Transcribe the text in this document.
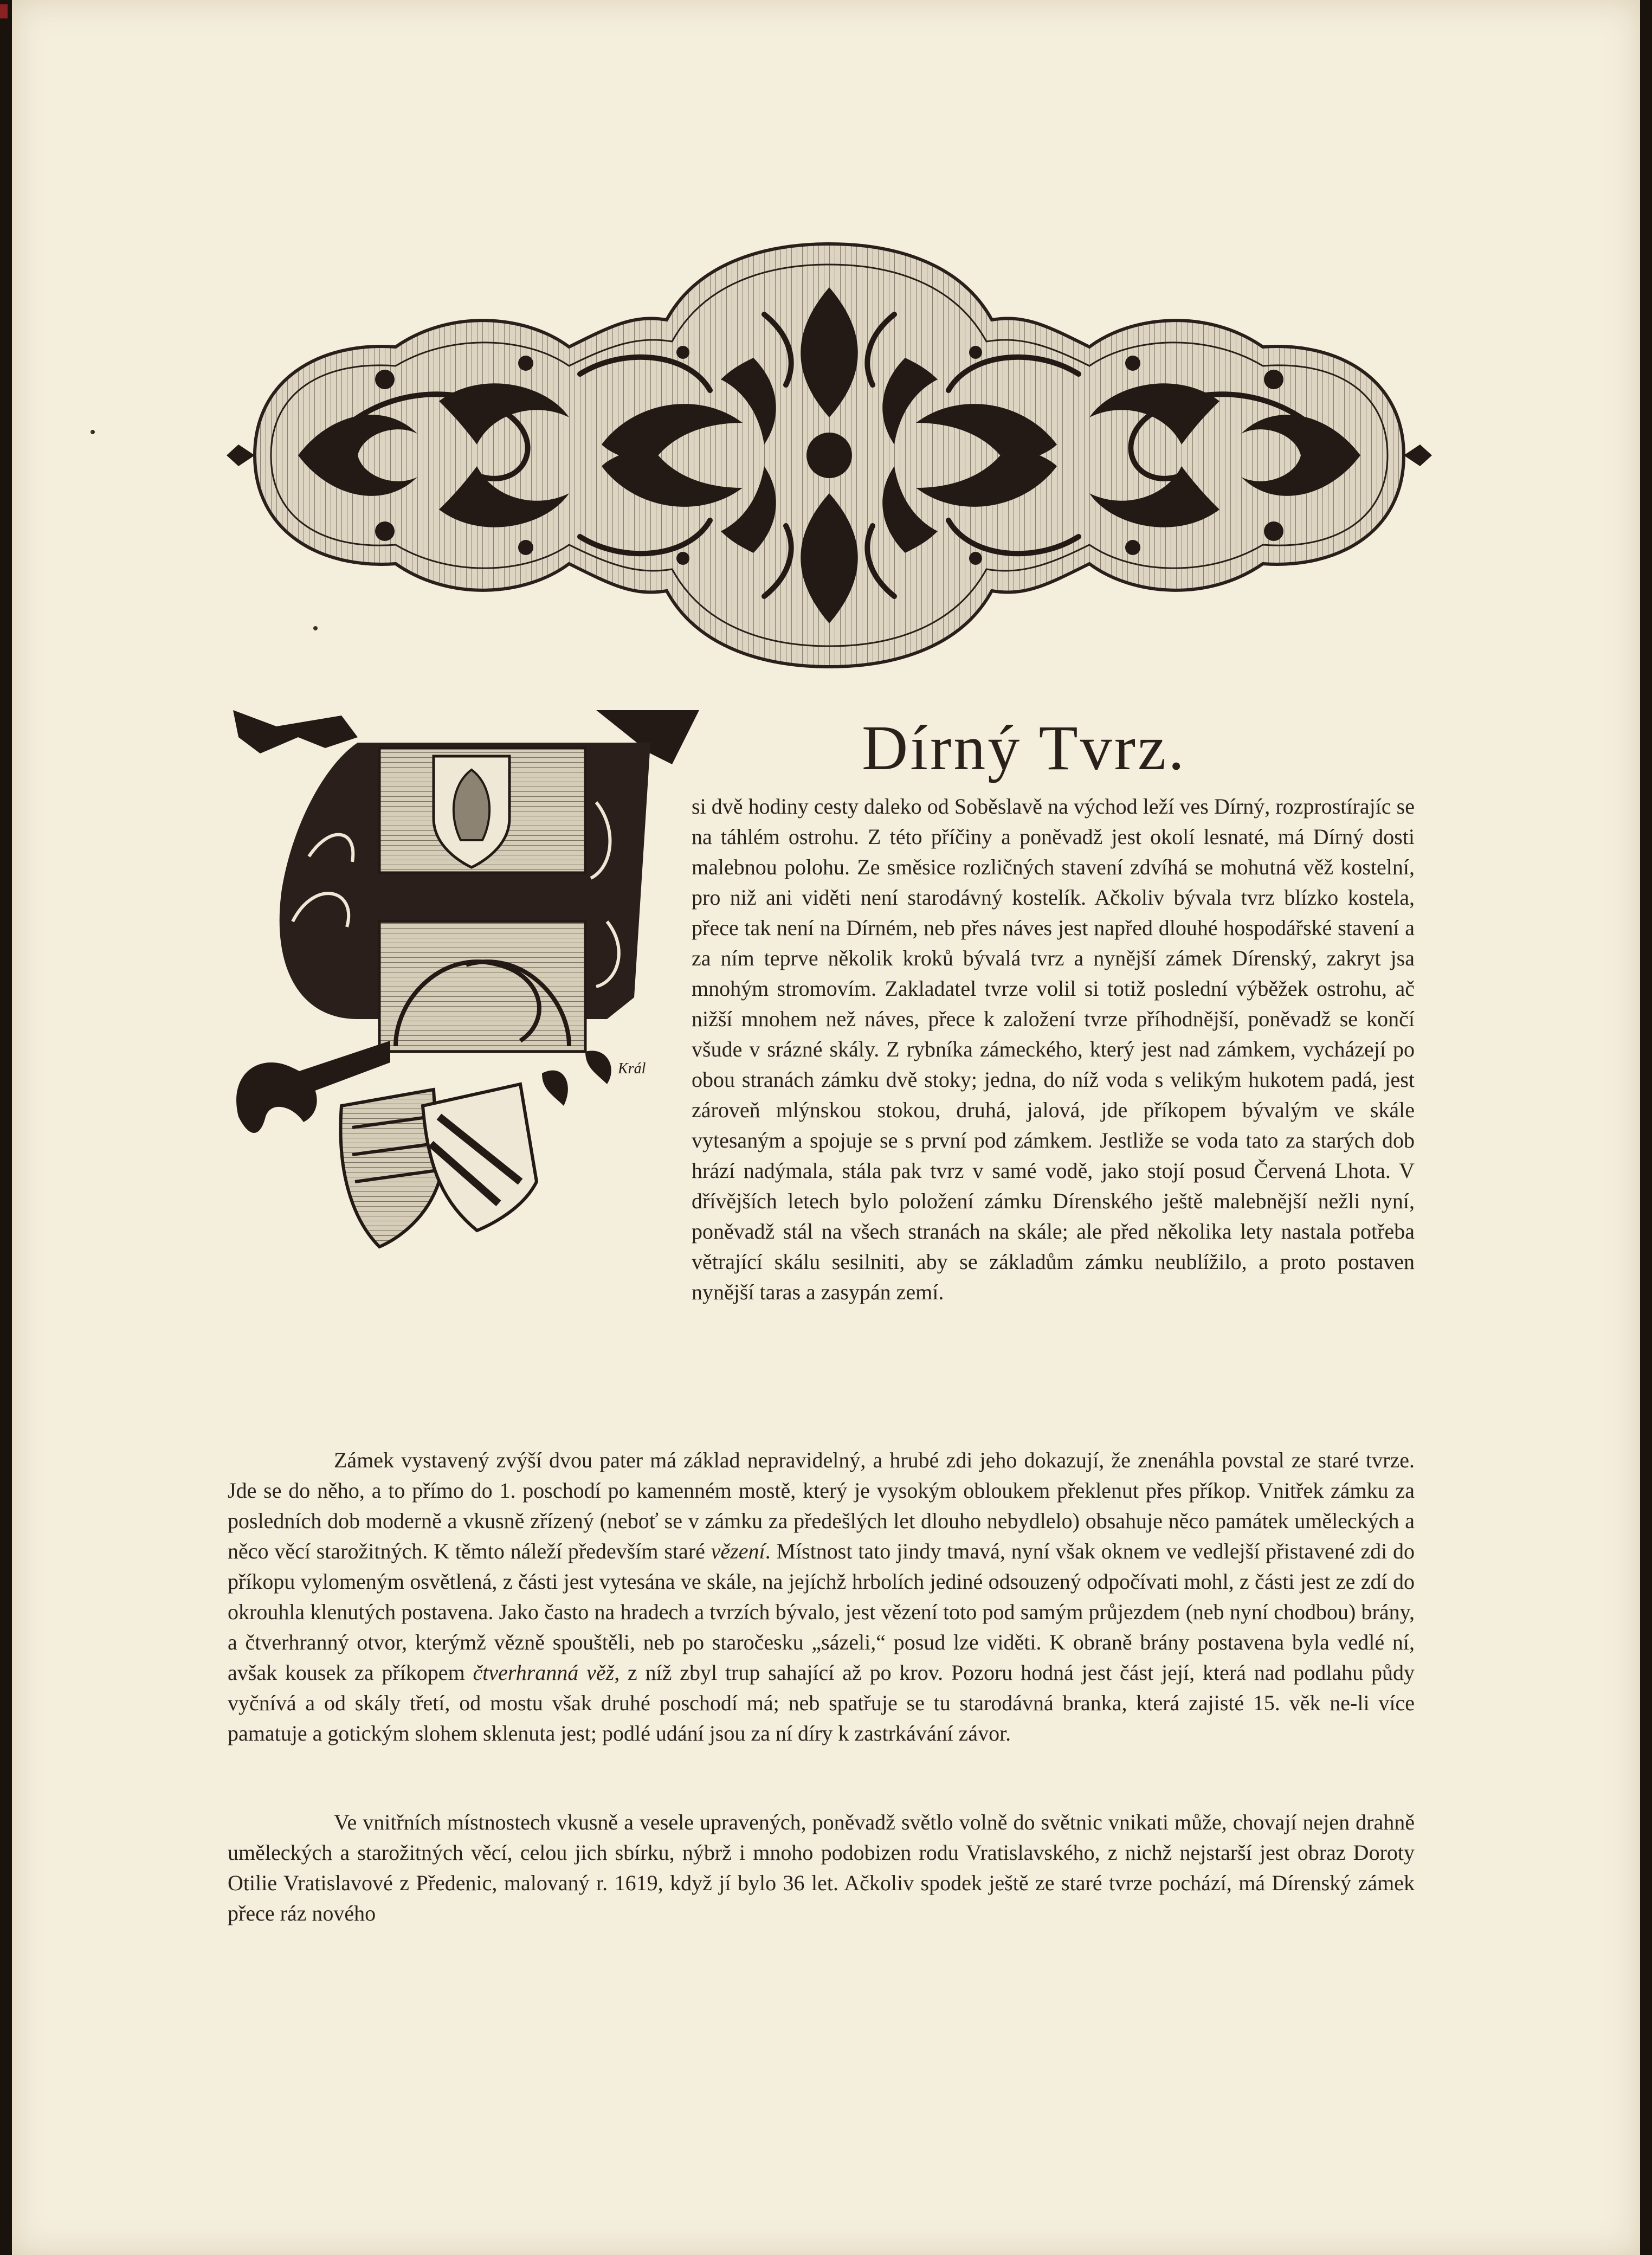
Král
Dírný Tvrz.

si dvě hodiny cesty daleko od Soběslavě na východ leží ves Dírný, rozprostírajíc se na táhlém ostrohu. Z této příčiny a poněvadž jest okolí lesnaté, má Dírný dosti malebnou polohu. Ze směsice rozličných stavení zdvíhá se mohutná věž kostelní, pro niž ani viděti není starodávný kostelík. Ačkoliv bývala tvrz blízko kostela, přece tak není na Dírném, neb přes náves jest napřed dlouhé hospodářské stavení a za ním teprve několik kroků bývalá tvrz a nynější zámek Dírenský, zakryt jsa mnohým stromovím. Zakladatel tvrze volil si totiž poslední výběžek ostrohu, ač nižší mnohem než náves, přece k založení tvrze příhodnější, poněvadž se končí všude v srázné skály. Z rybníka zámeckého, který jest nad zámkem, vycházejí po obou stranách zámku dvě stoky; jedna, do níž voda s velikým hukotem padá, jest zároveň mlýnskou stokou, druhá, jalová, jde příkopem bývalým ve skále vytesaným a spojuje se s první pod zámkem. Jestliže se voda tato za starých dob hrází nadýmala, stála pak tvrz v samé vodě, jako stojí posud Červená Lhota. V dřívějších letech bylo položení zámku Dírenského ještě malebnější nežli nyní, poněvadž stál na všech stranách na skále; ale před několika lety nastala potřeba větrající skálu sesilniti, aby se základům zámku neublížilo, a proto postaven nynější taras a zasypán zemí.

Zámek vystavený zvýší dvou pater má základ nepravidelný, a hrubé zdi jeho dokazují, že znenáhla povstal ze staré tvrze. Jde se do něho, a to přímo do 1. poschodí po kamenném mostě, který je vysokým obloukem překlenut přes příkop. Vnitřek zámku za posledních dob moderně a vkusně zřízený (neboť se v zámku za předešlých let dlouho nebydlelo) obsahuje něco památek uměleckých a něco věcí starožitných. K těmto náleží především staré vězení. Místnost tato jindy tmavá, nyní však oknem ve vedlejší přistavené zdi do příkopu vylomeným osvětlená, z části jest vytesána ve skále, na jejíchž hrbolích jediné odsouzený odpočívati mohl, z části jest ze zdí do okrouhla klenutých postavena. Jako často na hradech a tvrzích bývalo, jest vězení toto pod samým průjezdem (neb nyní chodbou) brány, a čtverhranný otvor, kterýmž vězně spouštěli, neb po staročesku „sázeli,“ posud lze viděti. K obraně brány postavena byla vedlé ní, avšak kousek za příkopem čtverhranná věž, z níž zbyl trup sahající až po krov. Pozoru hodná jest část její, která nad podlahu půdy vyčnívá a od skály třetí, od mostu však druhé poschodí má; neb spatřuje se tu starodávná branka, která zajisté 15. věk ne-li více pamatuje a gotickým slohem sklenuta jest; podlé udání jsou za ní díry k zastrkávání závor.

Ve vnitřních místnostech vkusně a vesele upravených, poněvadž světlo volně do světnic vnikati může, chovají nejen drahně uměleckých a starožitných věcí, celou jich sbírku, nýbrž i mnoho podobizen rodu Vratislavského, z nichž nejstarší jest obraz Doroty Otilie Vratislavové z Předenic, malovaný r. 1619, když jí bylo 36 let. Ačkoliv spodek ještě ze staré tvrze pochází, má Dírenský zámek přece ráz nového
